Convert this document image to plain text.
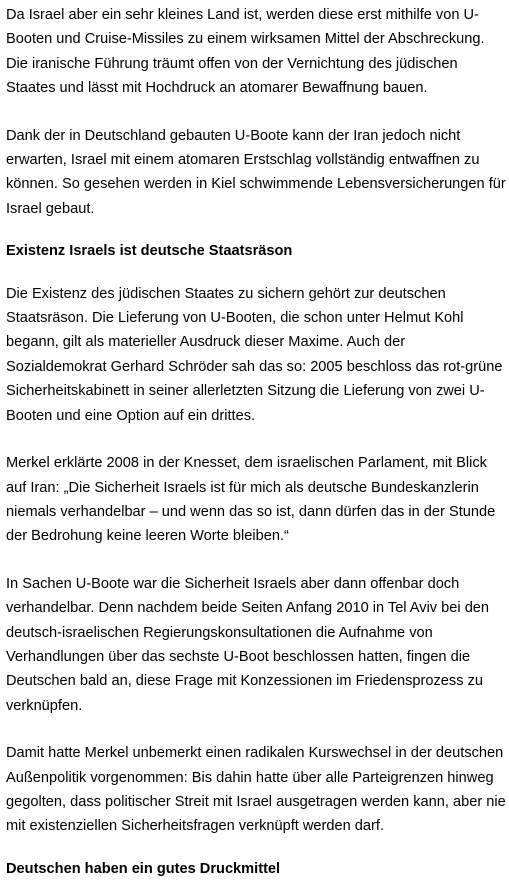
Da Israel aber ein sehr kleines Land ist, werden diese erst mithilfe von U-Booten und Cruise-Missiles zu einem wirksamen Mittel der Abschreckung. Die iranische Führung träumt offen von der Vernichtung des jüdischen Staates und lässt mit Hochdruck an atomarer Bewaffnung bauen.

Dank der in Deutschland gebauten U-Boote kann der Iran jedoch nicht erwarten, Israel mit einem atomaren Erstschlag vollständig entwaffnen zu können. So gesehen werden in Kiel schwimmende Lebensversicherungen für Israel gebaut.

Existenz Israels ist deutsche Staatsräson

Die Existenz des jüdischen Staates zu sichern gehört zur deutschen Staatsräson. Die Lieferung von U-Booten, die schon unter Helmut Kohl begann, gilt als materieller Ausdruck dieser Maxime. Auch der Sozialdemokrat Gerhard Schröder sah das so: 2005 beschloss das rot-grüne Sicherheitskabinett in seiner allerletzten Sitzung die Lieferung von zwei U-Booten und eine Option auf ein drittes.

Merkel erklärte 2008 in der Knesset, dem israelischen Parlament, mit Blick auf Iran: „Die Sicherheit Israels ist für mich als deutsche Bundeskanzlerin niemals verhandelbar – und wenn das so ist, dann dürfen das in der Stunde der Bedrohung keine leeren Worte bleiben.“

In Sachen U-Boote war die Sicherheit Israels aber dann offenbar doch verhandelbar. Denn nachdem beide Seiten Anfang 2010 in Tel Aviv bei den deutsch-israelischen Regierungskonsultationen die Aufnahme von Verhandlungen über das sechste U-Boot beschlossen hatten, fingen die Deutschen bald an, diese Frage mit Konzessionen im Friedensprozess zu verknüpfen.

Damit hatte Merkel unbemerkt einen radikalen Kurswechsel in der deutschen Außenpolitik vorgenommen: Bis dahin hatte über alle Parteigrenzen hinweg gegolten, dass politischer Streit mit Israel ausgetragen werden kann, aber nie mit existenziellen Sicherheitsfragen verknüpft werden darf.

Deutschen haben ein gutes Druckmittel
